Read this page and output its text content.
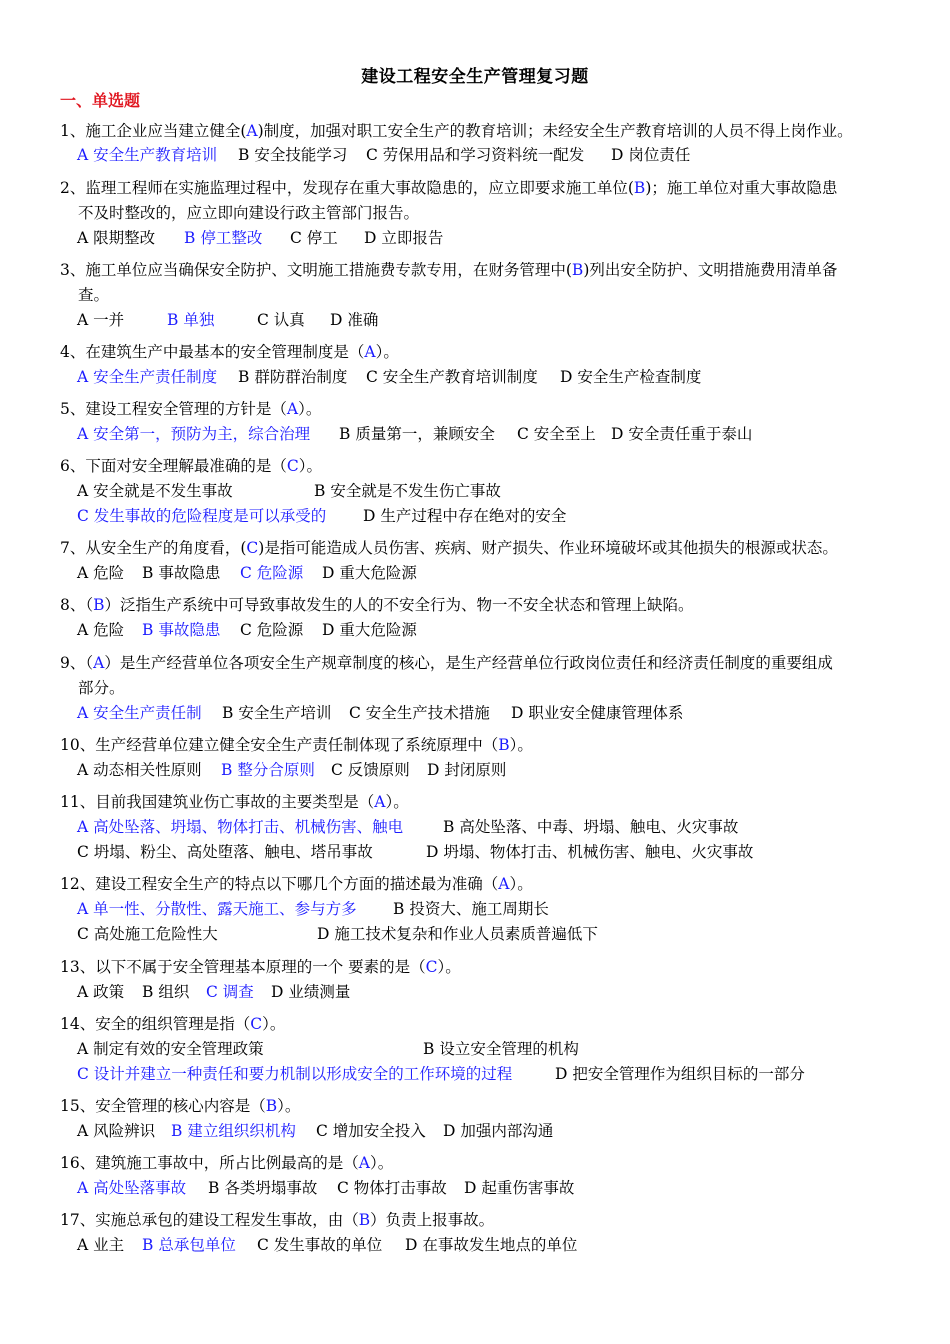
建设工程安全生产管理复习题
一、单选题
1、施工企业应当建立健全(A)制度，加强对职工安全生产的教育培训；未经安全生产教育培训的人员不得上岗作业。
A 安全生产教育培训 B 安全技能学习 C 劳保用品和学习资料统一配发 D 岗位责任
2、监理工程师在实施监理过程中，发现存在重大事故隐患的，应立即要求施工单位(B)；施工单位对重大事故隐患
不及时整改的，应立即向建设行政主管部门报告。
A 限期整改 B 停工整改 C 停工 D 立即报告
3、施工单位应当确保安全防护、文明施工措施费专款专用，在财务管理中(B)列出安全防护、文明措施费用清单备
查。
A 一并	B 单独	C 认真 D 准确
4、在建筑生产中最基本的安全管理制度是（A）。
A 安全生产责任制度 B 群防群治制度 C 安全生产教育培训制度 D 安全生产检查制度
5、建设工程安全管理的方针是（A）。
A 安全第一，预防为主，综合治理 B 质量第一，兼顾安全 C 安全至上 D 安全责任重于泰山
6、下面对安全理解最准确的是（C）。
A 安全就是不发生事故	B 安全就是不发生伤亡事故
C 发生事故的危险程度是可以承受的 D 生产过程中存在绝对的安全
7、从安全生产的角度看，(C)是指可能造成人员伤害、疾病、财产损失、作业环境破坏或其他损失的根源或状态。
A 危险 B 事故隐患 C 危险源 D 重大危险源
8、（B）泛指生产系统中可导致事故发生的人的不安全行为、物一不安全状态和管理上缺陷。
A 危险 B 事故隐患 C 危险源 D 重大危险源
9、（A）是生产经营单位各项安全生产规章制度的核心，是生产经营单位行政岗位责任和经济责任制度的重要组成
部分。
A 安全生产责任制 B 安全生产培训 C 安全生产技术措施 D 职业安全健康管理体系
10、生产经营单位建立健全安全生产责任制体现了系统原理中（B）。
A 动态相关性原则 B 整分合原则 C 反馈原则 D 封闭原则
11、目前我国建筑业伤亡事故的主要类型是（A）。
A 高处坠落、坍塌、物体打击、机械伤害、触电	B 高处坠落、中毒、坍塌、触电、火灾事故
C 坍塌、粉尘、高处堕落、触电、塔吊事故	D 坍塌、物体打击、机械伤害、触电、火灾事故
12、建设工程安全生产的特点以下哪几个方面的描述最为准确（A）。
A 单一性、分散性、露天施工、参与方多 B 投资大、施工周期长
C 高处施工危险性大	D 施工技术复杂和作业人员素质普遍低下
13、以下不属于安全管理基本原理的一个 要素的是（C）。
A 政策 B 组织 C 调查 D 业绩测量
14、安全的组织管理是指（C）。
A 制定有效的安全管理政策	B 设立安全管理的机构
C 设计并建立一种责任和要力机制以形成安全的工作环境的过程	D 把安全管理作为组织目标的一部分
15、安全管理的核心内容是（B）。
A 风险辨识 B 建立组织织机构 C 增加安全投入 D 加强内部沟通
16、建筑施工事故中，所占比例最高的是（A）。
A 高处坠落事故 B 各类坍塌事故 C 物体打击事故 D 起重伤害事故
17、实施总承包的建设工程发生事故，由（B）负责上报事故。
A 业主 B 总承包单位 C 发生事故的单位 D 在事故发生地点的单位
